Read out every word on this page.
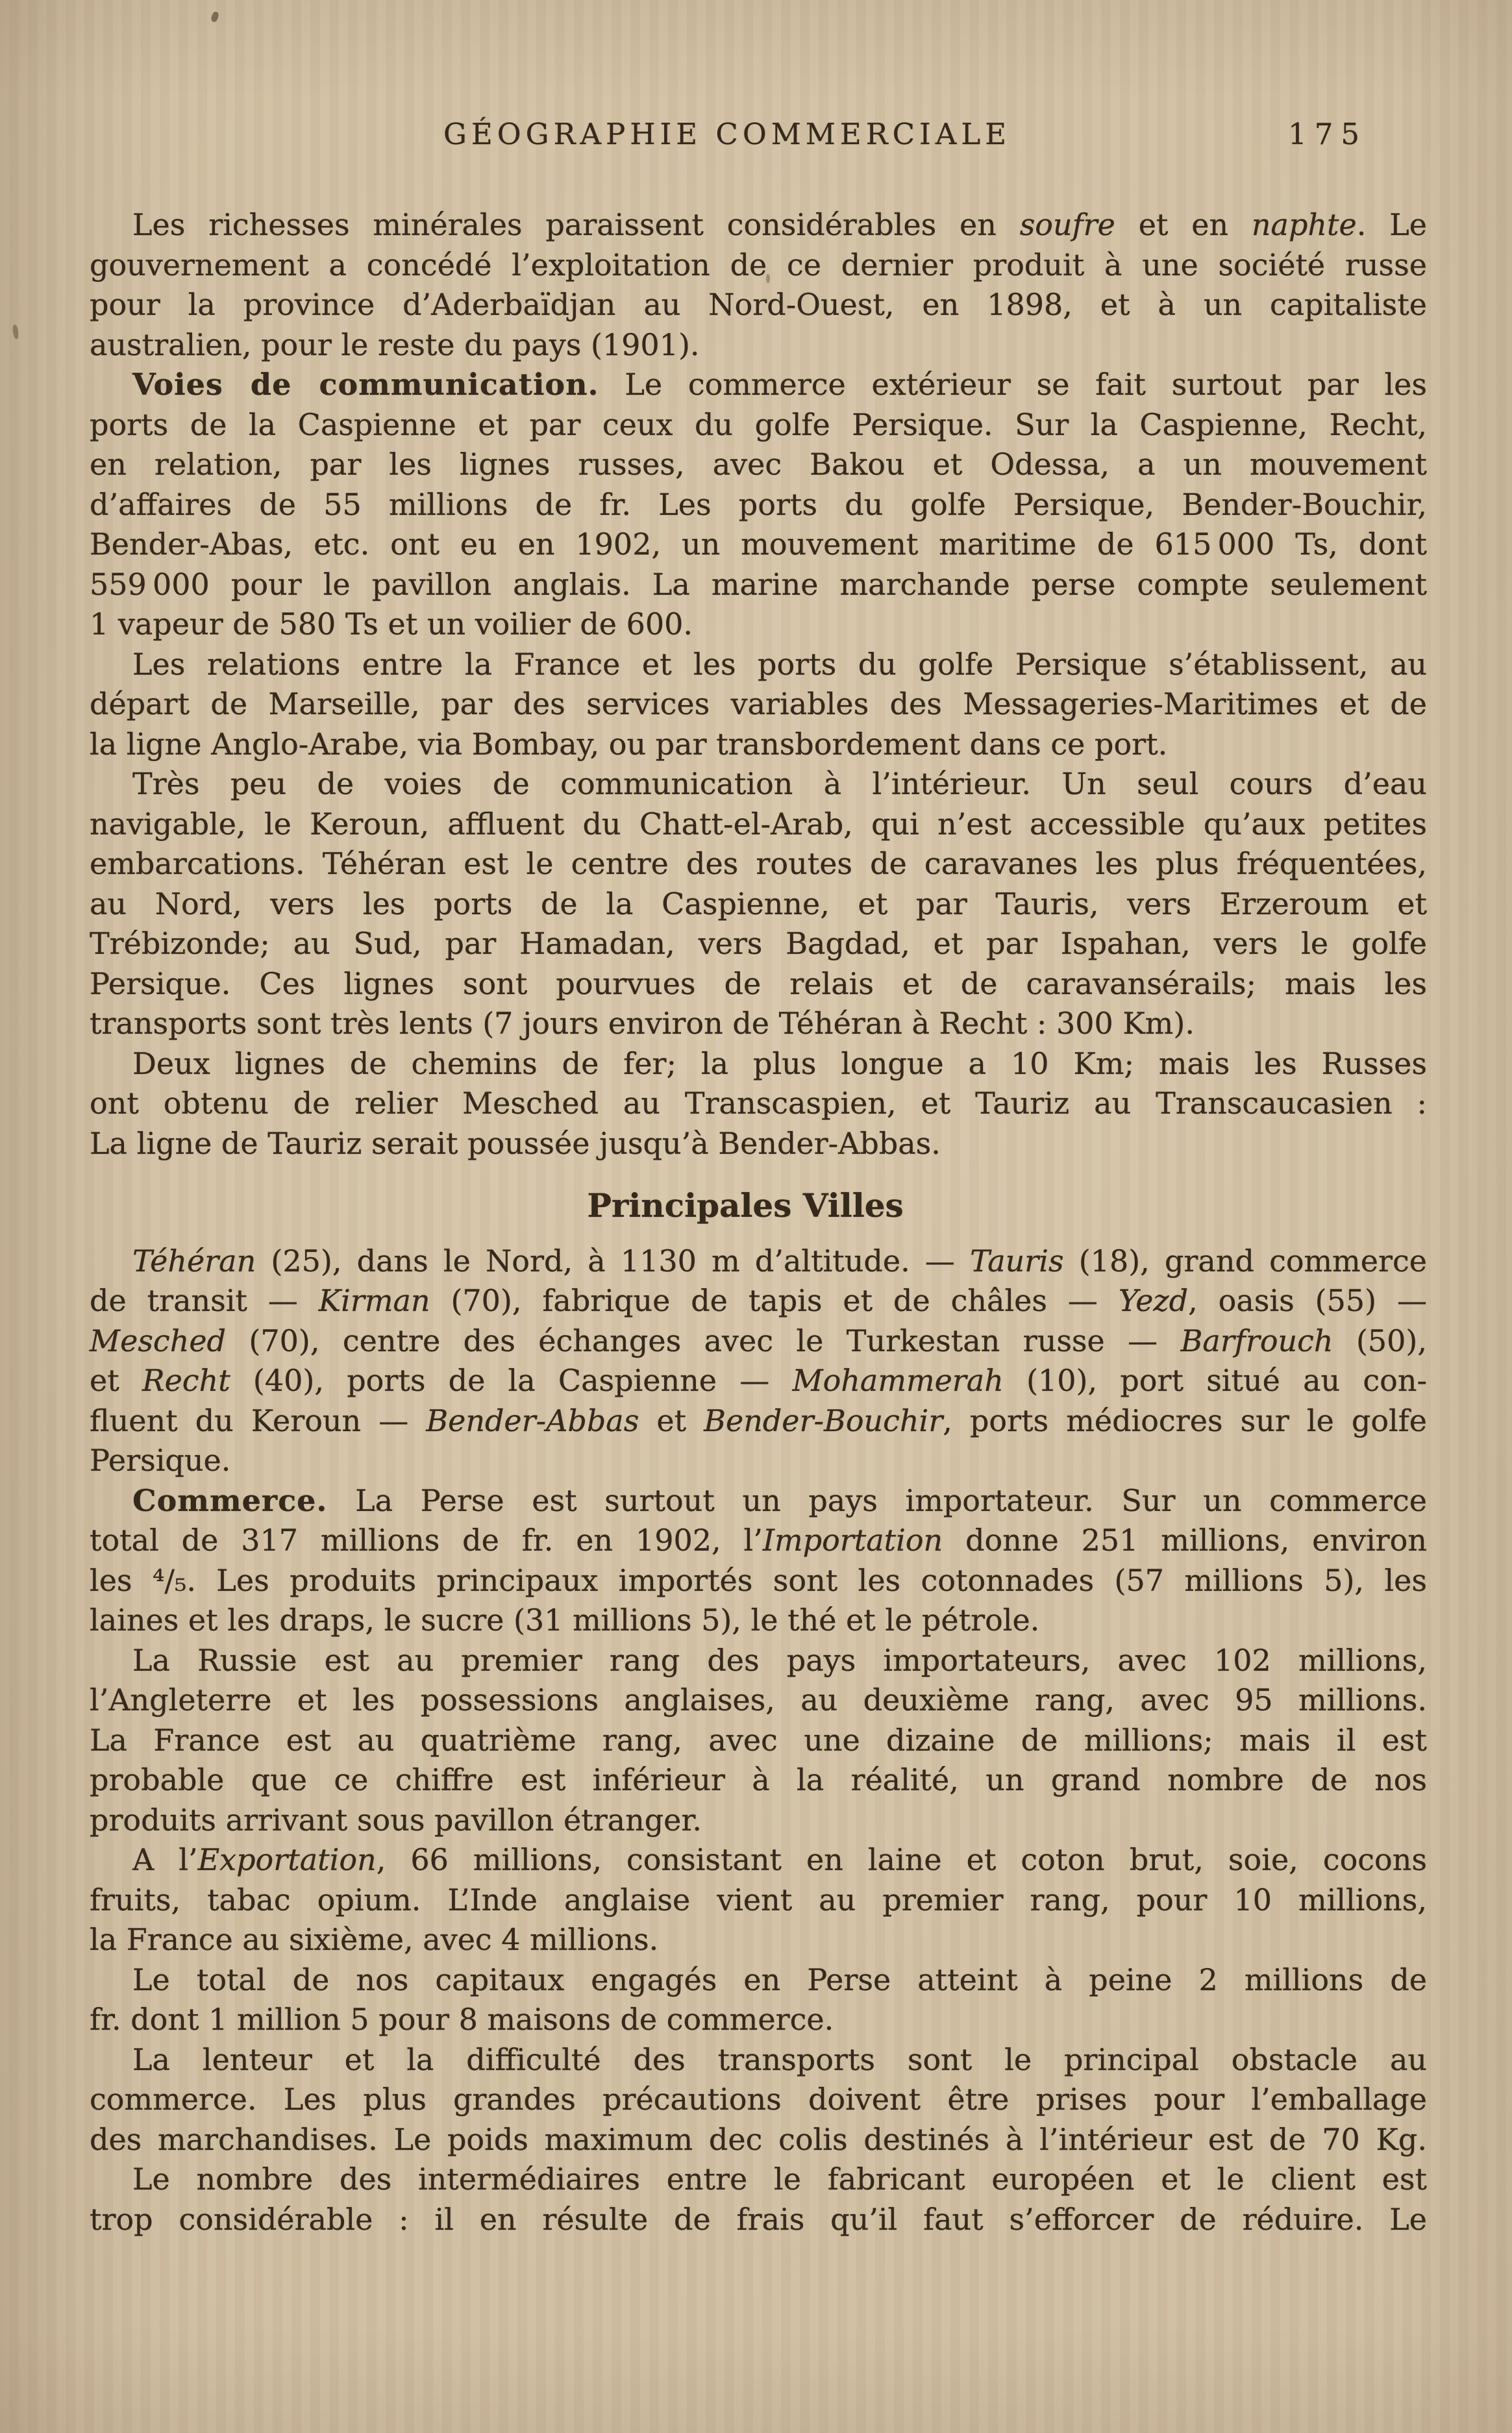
GÉOGRAPHIE COMMERCIALE	175
Les richesses minérales paraissent considérables en soufre et en naphte. Le
gouvernement a concédé l’exploitation de ce dernier produit à une société russe
pour la province d’Aderbaïdjan au Nord-Ouest, en 1898, et à un capitaliste
australien, pour le reste du pays (1901).
Voies de communication. Le commerce extérieur se fait surtout par les
ports de la Caspienne et par ceux du golfe Persique. Sur la Caspienne, Recht,
en relation, par les lignes russes, avec Bakou et Odessa, a un mouvement
d’affaires de 55 millions de fr. Les ports du golfe Persique, Bender-Bouchir,
Bender-Abas, etc. ont eu en 1902, un mouvement maritime de 615 000 Ts, dont
559 000 pour le pavillon anglais. La marine marchande perse compte seulement
1 vapeur de 580 Ts et un voilier de 600.
Les relations entre la France et les ports du golfe Persique s’établissent, au
départ de Marseille, par des services variables des Messageries-Maritimes et de
la ligne Anglo-Arabe, via Bombay, ou par transbordement dans ce port.
Très peu de voies de communication à l’intérieur. Un seul cours d’eau
navigable, le Keroun, affluent du Chatt-el-Arab, qui n’est accessible qu’aux petites
embarcations. Téhéran est le centre des routes de caravanes les plus fréquentées,
au Nord, vers les ports de la Caspienne, et par Tauris, vers Erzeroum et
Trébizonde; au Sud, par Hamadan, vers Bagdad, et par Ispahan, vers le golfe
Persique. Ces lignes sont pourvues de relais et de caravansérails; mais les
transports sont très lents (7 jours environ de Téhéran à Recht : 300 Km).
Deux lignes de chemins de fer; la plus longue a 10 Km; mais les Russes
ont obtenu de relier Mesched au Transcaspien, et Tauriz au Transcaucasien :
La ligne de Tauriz serait poussée jusqu’à Bender-Abbas.
Principales Villes
Téhéran (25), dans le Nord, à 1130 m d’altitude. — Tauris (18), grand commerce
de transit — Kirman (70), fabrique de tapis et de châles — Yezd, oasis (55) —
Mesched (70), centre des échanges avec le Turkestan russe — Barfrouch (50),
et Recht (40), ports de la Caspienne — Mohammerah (10), port situé au con-
fluent du Keroun — Bender-Abbas et Bender-Bouchir, ports médiocres sur le golfe
Persique.
Commerce. La Perse est surtout un pays importateur. Sur un commerce
total de 317 millions de fr. en 1902, l’Importation donne 251 millions, environ
les ⁴/₅. Les produits principaux importés sont les cotonnades (57 millions 5), les
laines et les draps, le sucre (31 millions 5), le thé et le pétrole.
La Russie est au premier rang des pays importateurs, avec 102 millions,
l’Angleterre et les possessions anglaises, au deuxième rang, avec 95 millions.
La France est au quatrième rang, avec une dizaine de millions; mais il est
probable que ce chiffre est inférieur à la réalité, un grand nombre de nos
produits arrivant sous pavillon étranger.
A l’Exportation, 66 millions, consistant en laine et coton brut, soie, cocons
fruits, tabac opium. L’Inde anglaise vient au premier rang, pour 10 millions,
la France au sixième, avec 4 millions.
Le total de nos capitaux engagés en Perse atteint à peine 2 millions de
fr. dont 1 million 5 pour 8 maisons de commerce.
La lenteur et la difficulté des transports sont le principal obstacle au
commerce. Les plus grandes précautions doivent être prises pour l’emballage
des marchandises. Le poids maximum dec colis destinés à l’intérieur est de 70 Kg.
Le nombre des intermédiaires entre le fabricant européen et le client est
trop considérable : il en résulte de frais qu’il faut s’efforcer de réduire. Le
